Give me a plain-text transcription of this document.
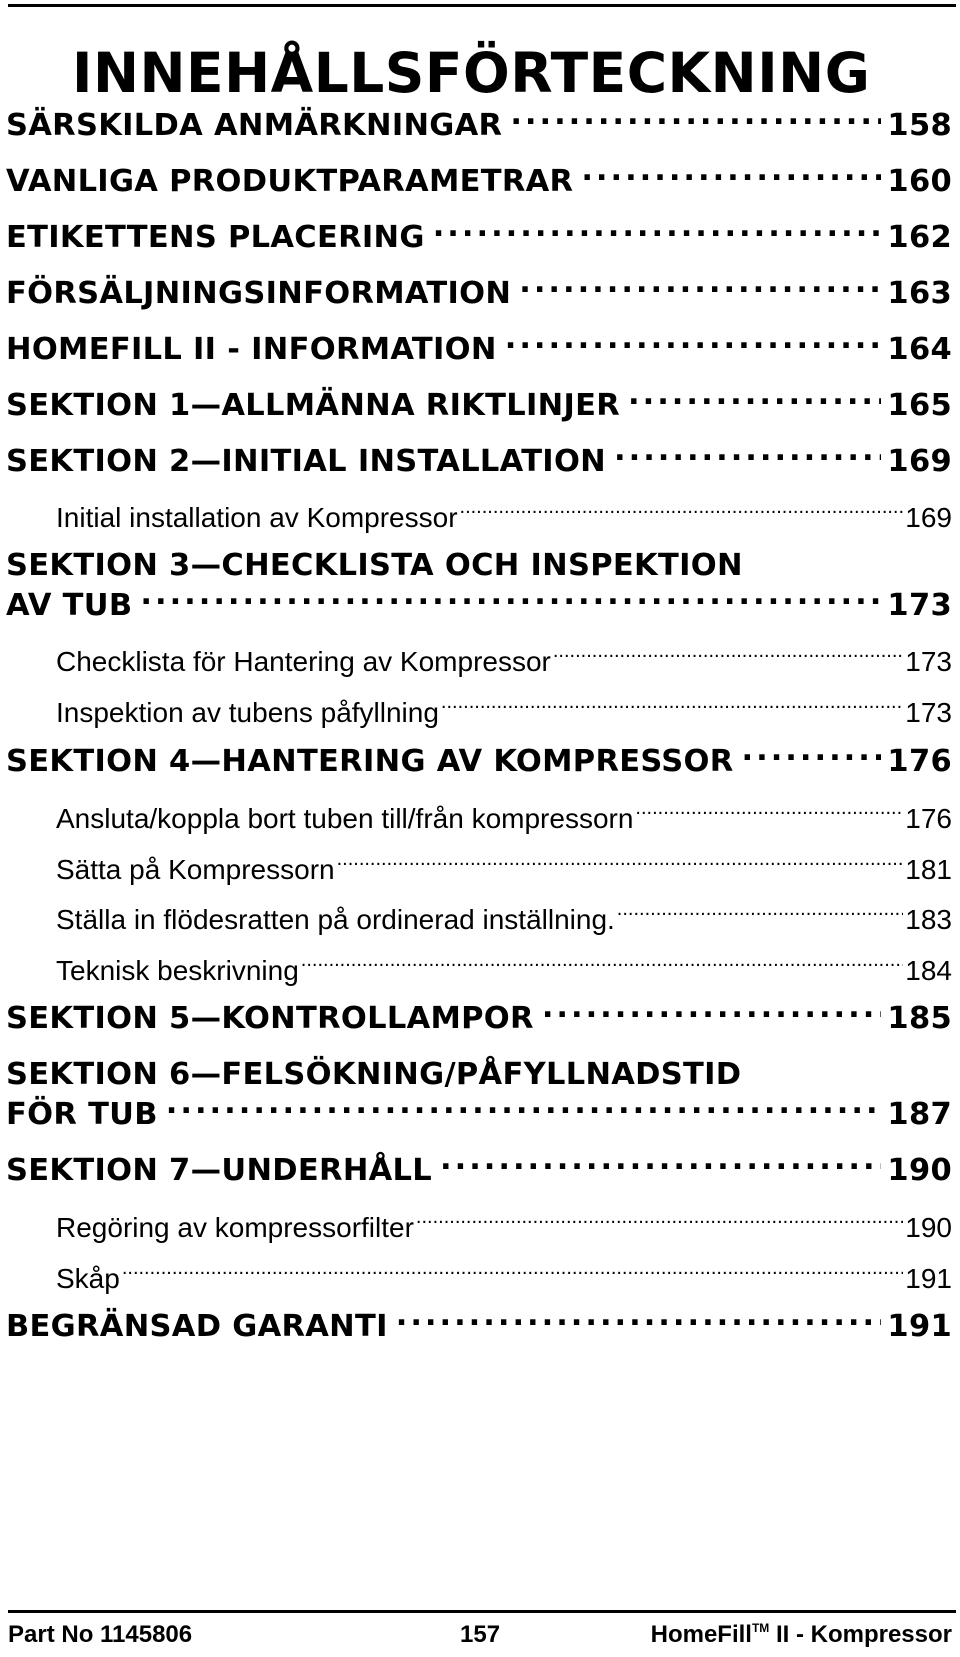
INNEHÅLLSFÖRTECKNING
SÄRSKILDA ANMÄRKNINGAR .....	158
VANLIGA PRODUKTPARAMETRAR .....	160
ETIKETTENS PLACERING .....	162
FÖRSÄLJNINGSINFORMATION .....	163
HOMEFILL II - INFORMATION .....	164
SEKTION 1—ALLMÄNNA RIKTLINJER .....	165
SEKTION 2—INITIAL INSTALLATION .....	169
Initial installation av Kompressor .....	169
SEKTION 3—CHECKLISTA OCH INSPEKTION
AV TUB .....	173
Checklista för Hantering av Kompressor .....	173
Inspektion av tubens påfyllning .....	173
SEKTION 4—HANTERING AV KOMPRESSOR .....	176
Ansluta/koppla bort tuben till/från kompressorn .....	176
Sätta på Kompressorn .....	181
Ställa in flödesratten på ordinerad inställning. .....	183
Teknisk beskrivning .....	184
SEKTION 5—KONTROLLAMPOR .....	185
SEKTION 6—FELSÖKNING/PÅFYLLNADSTID
FÖR TUB .....	187
SEKTION 7—UNDERHÅLL .....	190
Regöring av kompressorfilter .....	190
Skåp .....	191
BEGRÄNSAD GARANTI .....	191
Part No 1145806	157	HomeFill™ II - Kompressor
